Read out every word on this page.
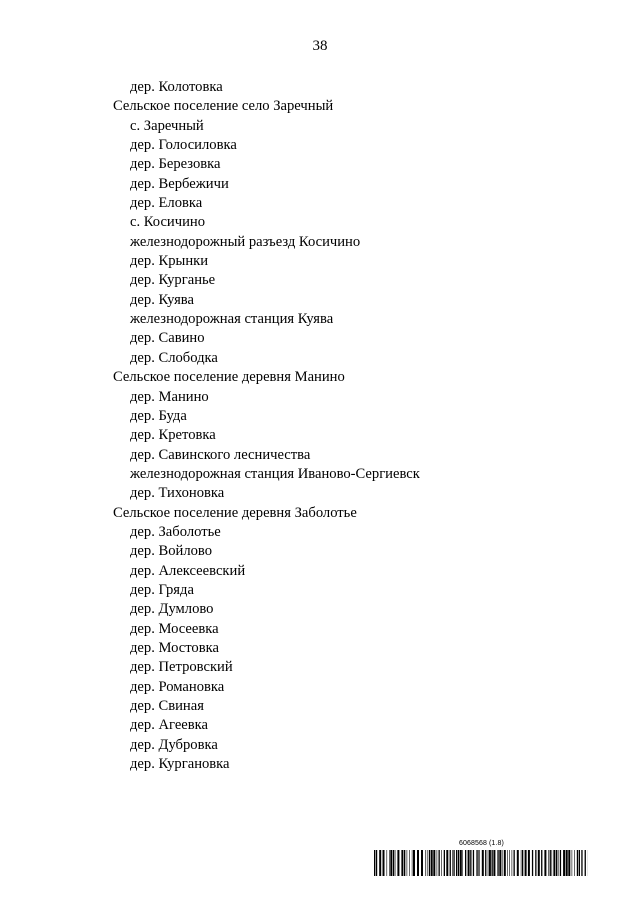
38
дер. Колотовка
Сельское поселение село Заречный
с. Заречный
дер. Голосиловка
дер. Березовка
дер. Вербежичи
дер. Еловка
с. Косичино
железнодорожный разъезд Косичино
дер. Крынки
дер. Курганье
дер. Куява
железнодорожная станция Куява
дер. Савино
дер. Слободка
Сельское поселение деревня Манино
дер. Манино
дер. Буда
дер. Кретовка
дер. Савинского лесничества
железнодорожная станция Иваново-Сергиевск
дер. Тихоновка
Сельское поселение деревня Заболотье
дер. Заболотье
дер. Войлово
дер. Алексеевский
дер. Гряда
дер. Думлово
дер. Мосеевка
дер. Мостовка
дер. Петровский
дер. Романовка
дер. Свиная
дер. Агеевка
дер. Дубровка
дер. Кургановка
6068568 (1.8)
